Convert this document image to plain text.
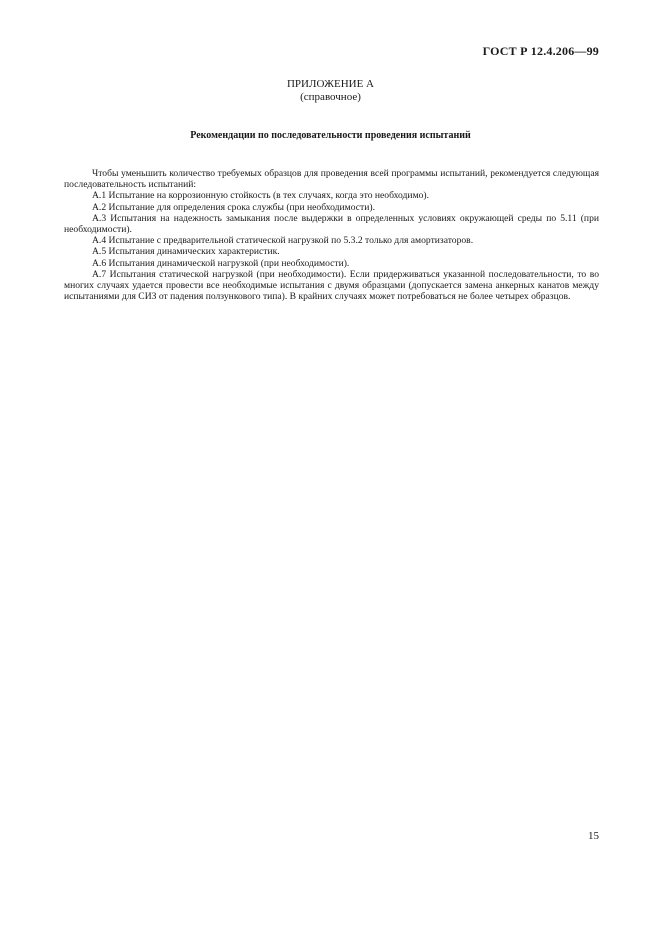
ГОСТ Р 12.4.206—99
ПРИЛОЖЕНИЕ А
(справочное)
Рекомендации по последовательности проведения испытаний

Чтобы уменьшить количество требуемых образцов для проведения всей программы испытаний, рекомендуется следующая последовательность испытаний:

А.1 Испытание на коррозионную стойкость (в тех случаях, когда это необходимо).

А.2 Испытание для определения срока службы (при необходимости).

А.3 Испытания на надежность замыкания после выдержки в определенных условиях окружающей среды по 5.11 (при необходимости).

А.4 Испытание с предварительной статической нагрузкой по 5.3.2 только для амортизаторов.

А.5 Испытания динамических характеристик.

А.6 Испытания динамической нагрузкой (при необходимости).

А.7 Испытания статической нагрузкой (при необходимости). Если придерживаться указанной последовательности, то во многих случаях удается провести все необходимые испытания с двумя образцами (допускается замена анкерных канатов между испытаниями для СИЗ от падения ползункового типа). В крайних случаях может потребоваться не более четырех образцов.

15
